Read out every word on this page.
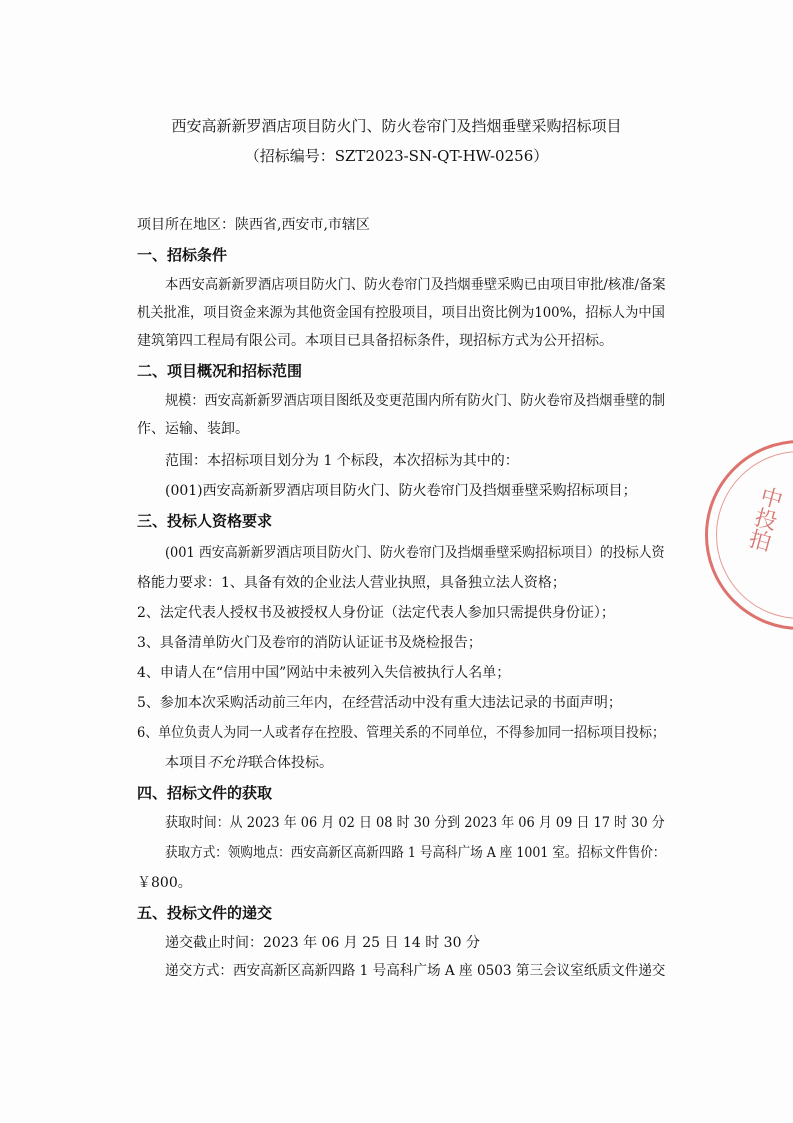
西安高新新罗酒店项目防火门、防火卷帘门及挡烟垂壁采购招标项目
（招标编号：SZT2023-SN-QT-HW-0256）
项目所在地区：陕西省,西安市,市辖区
一、招标条件
本西安高新新罗酒店项目防火门、防火卷帘门及挡烟垂壁采购已由项目审批/核准/备案
机关批准，项目资金来源为其他资金国有控股项目，项目出资比例为100%，招标人为中国
建筑第四工程局有限公司。本项目已具备招标条件，现招标方式为公开招标。
二、项目概况和招标范围
规模：西安高新新罗酒店项目图纸及变更范围内所有防火门、防火卷帘及挡烟垂壁的制
作、运输、装卸。
范围：本招标项目划分为 1 个标段，本次招标为其中的：
(001)西安高新新罗酒店项目防火门、防火卷帘门及挡烟垂壁采购招标项目；
三、投标人资格要求
(001 西安高新新罗酒店项目防火门、防火卷帘门及挡烟垂壁采购招标项目）的投标人资
格能力要求：1、具备有效的企业法人营业执照，具备独立法人资格；
2、法定代表人授权书及被授权人身份证（法定代表人参加只需提供身份证）；
3、具备清单防火门及卷帘的消防认证证书及烧检报告；
4、申请人在“信用中国”网站中未被列入失信被执行人名单；
5、参加本次采购活动前三年内，在经营活动中没有重大违法记录的书面声明；
6、单位负责人为同一人或者存在控股、管理关系的不同单位，不得参加同一招标项目投标；
本项目不允许联合体投标。
四、招标文件的获取
获取时间：从 2023 年 06 月 02 日 08 时 30 分到 2023 年 06 月 09 日 17 时 30 分
获取方式：领购地点：西安高新区高新四路 1 号高科广场 A 座 1001 室。招标文件售价：
￥800。
五、投标文件的递交
递交截止时间：2023 年 06 月 25 日 14 时 30 分
递交方式：西安高新区高新四路 1 号高科广场 A 座 0503 第三会议室纸质文件递交
中投拍
